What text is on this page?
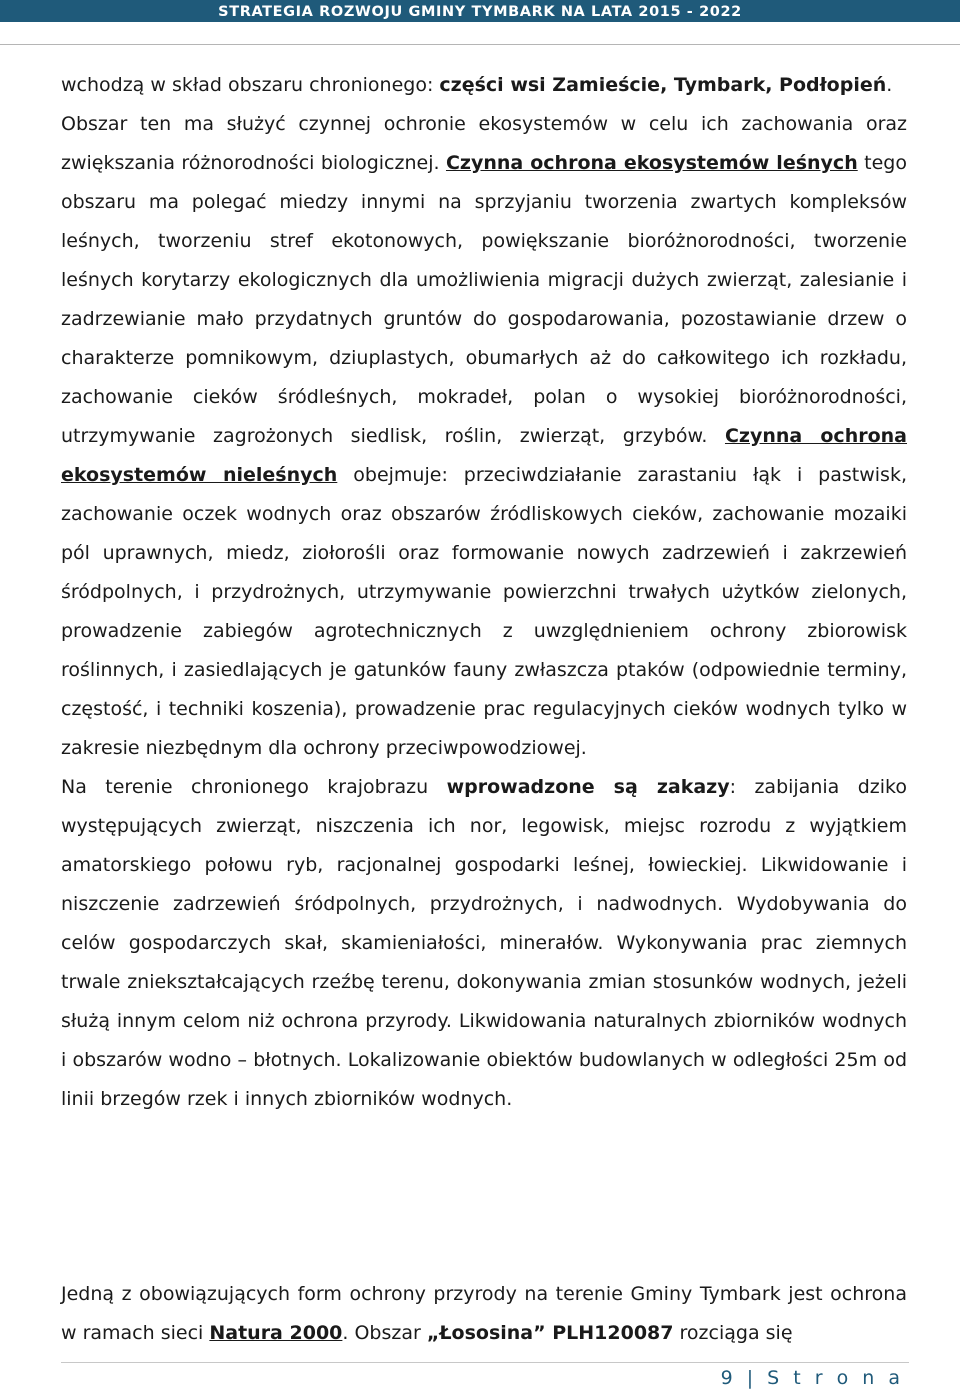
STRATEGIA ROZWOJU GMINY TYMBARK NA LATA 2015 - 2022

wchodzą w skład obszaru chronionego: części wsi Zamieście, Tymbark, Podłopień.

Obszar ten ma służyć czynnej ochronie ekosystemów w celu ich zachowania oraz zwiększania różnorodności biologicznej. Czynna ochrona ekosystemów leśnych tego obszaru ma polegać miedzy innymi na sprzyjaniu tworzenia zwartych kompleksów leśnych, tworzeniu stref ekotonowych, powiększanie bioróżnorodności, tworzenie leśnych korytarzy ekologicznych dla umożliwienia migracji dużych zwierząt, zalesianie i zadrzewianie mało przydatnych gruntów do gospodarowania, pozostawianie drzew o charakterze pomnikowym, dziuplastych, obumarłych aż do całkowitego ich rozkładu, zachowanie cieków śródleśnych, mokradeł, polan o wysokiej bioróżnorodności, utrzymywanie zagrożonych siedlisk, roślin, zwierząt, grzybów. Czynna ochrona ekosystemów nieleśnych obejmuje: przeciwdziałanie zarastaniu łąk i pastwisk, zachowanie oczek wodnych oraz obszarów źródliskowych cieków, zachowanie mozaiki pól uprawnych, miedz, ziołorośli oraz formowanie nowych zadrzewień i zakrzewień śródpolnych, i przydrożnych, utrzymywanie powierzchni trwałych użytków zielonych, prowadzenie zabiegów agrotechnicznych z uwzględnieniem ochrony zbiorowisk roślinnych, i zasiedlających je gatunków fauny zwłaszcza ptaków (odpowiednie terminy, częstość, i techniki koszenia), prowadzenie prac regulacyjnych cieków wodnych tylko w zakresie niezbędnym dla ochrony przeciwpowodziowej.

Na terenie chronionego krajobrazu wprowadzone są zakazy: zabijania dziko występujących zwierząt, niszczenia ich nor, legowisk, miejsc rozrodu z wyjątkiem amatorskiego połowu ryb, racjonalnej gospodarki leśnej, łowieckiej. Likwidowanie i niszczenie zadrzewień śródpolnych, przydrożnych, i nadwodnych. Wydobywania do celów gospodarczych skał, skamieniałości, minerałów. Wykonywania prac ziemnych trwale zniekształcających rzeźbę terenu, dokonywania zmian stosunków wodnych, jeżeli służą innym celom niż ochrona przyrody. Likwidowania naturalnych zbiorników wodnych i obszarów wodno – błotnych. Lokalizowanie obiektów budowlanych w odległości 25m od linii brzegów rzek i innych zbiorników wodnych.

Jedną z obowiązujących form ochrony przyrody na terenie Gminy Tymbark jest ochrona w ramach sieci Natura 2000. Obszar „Łososina” PLH120087 rozciąga się

9 | S t r o n a
